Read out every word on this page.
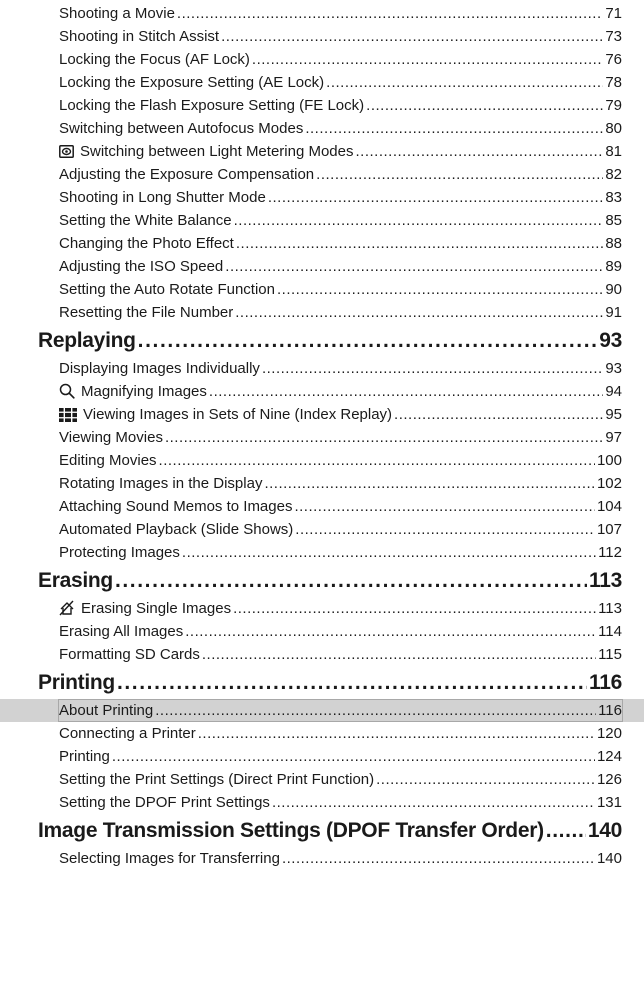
Shooting a Movie .....	71
Shooting in Stitch Assist .....	73
Locking the Focus (AF Lock) .....	76
Locking the Exposure Setting (AE Lock) .....	78
Locking the Flash Exposure Setting (FE Lock) .....	79
Switching between Autofocus Modes .....	80
Switching between Light Metering Modes .....	81
Adjusting the Exposure Compensation .....	82
Shooting in Long Shutter Mode .....	83
Setting the White Balance .....	85
Changing the Photo Effect .....	88
Adjusting the ISO Speed .....	89
Setting the Auto Rotate Function .....	90
Resetting the File Number .....	91
Replaying .....	93
Displaying Images Individually .....	93
Magnifying Images .....	94
Viewing Images in Sets of Nine (Index Replay) .....	95
Viewing Movies .....	97
Editing Movies .....	100
Rotating Images in the Display .....	102
Attaching Sound Memos to Images .....	104
Automated Playback (Slide Shows) .....	107
Protecting Images .....	112
Erasing .....	113
Erasing Single Images .....	113
Erasing All Images .....	114
Formatting SD Cards .....	115
Printing .....	116
About Printing .....	116
Connecting a Printer .....	120
Printing .....	124
Setting the Print Settings (Direct Print Function) .....	126
Setting the DPOF Print Settings .....	131
Image Transmission Settings (DPOF Transfer Order) ..... 140
Selecting Images for Transferring .....	140
